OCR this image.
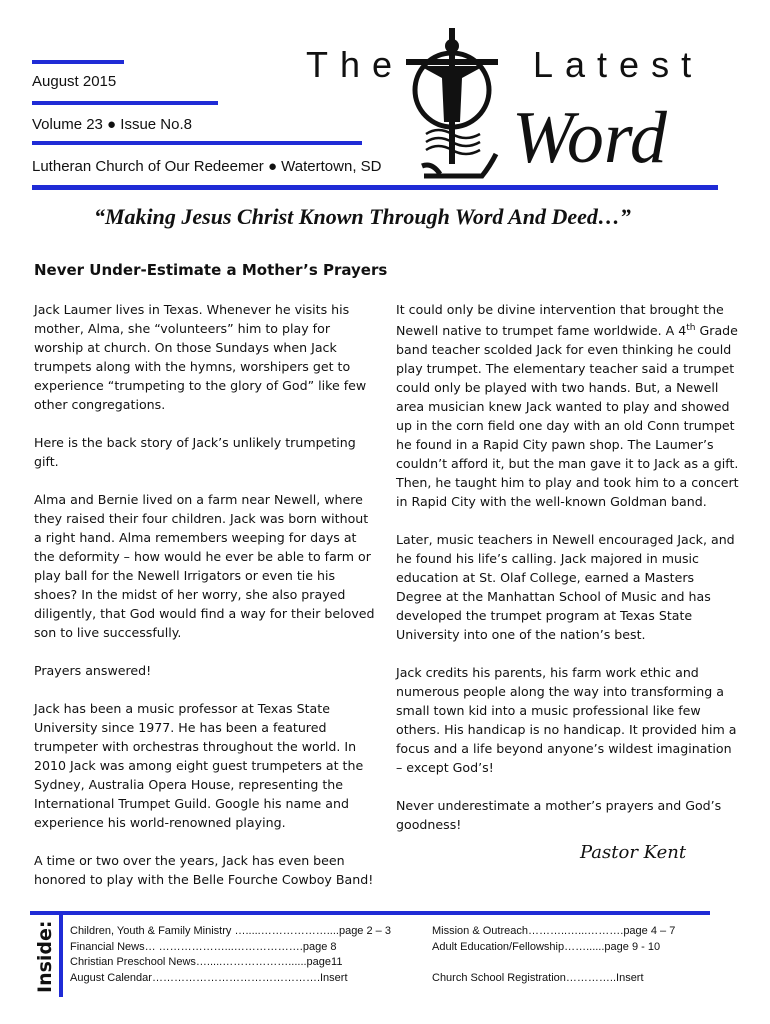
August 2015
Volume 23 ● Issue No.8
Lutheran Church of Our Redeemer ● Watertown, SD
The	Latest
Word
“Making Jesus Christ Known Through Word And Deed…”
Never Under-Estimate a Mother’s Prayers

Jack Laumer lives in Texas. Whenever he visits his mother, Alma, she “volunteers” him to play for worship at church. On those Sundays when Jack trumpets along with the hymns, worshipers get to experience “trumpeting to the glory of God” like few other congregations.

Here is the back story of Jack’s unlikely trumpeting gift.

Alma and Bernie lived on a farm near Newell, where they raised their four children. Jack was born without a right hand. Alma remembers weeping for days at the deformity – how would he ever be able to farm or play ball for the Newell Irrigators or even tie his shoes? In the midst of her worry, she also prayed diligently, that God would find a way for their beloved son to live successfully.

Prayers answered!

Jack has been a music professor at Texas State University since 1977. He has been a featured trumpeter with orchestras throughout the world. In 2010 Jack was among eight guest trumpeters at the Sydney, Australia Opera House, representing the International Trumpet Guild. Google his name and experience his world-renowned playing.

A time or two over the years, Jack has even been honored to play with the Belle Fourche Cowboy Band!

It could only be divine intervention that brought the Newell native to trumpet fame worldwide. A 4th Grade band teacher scolded Jack for even thinking he could play trumpet. The elementary teacher said a trumpet could only be played with two hands. But, a Newell area musician knew Jack wanted to play and showed up in the corn field one day with an old Conn trumpet he found in a Rapid City pawn shop. The Laumer’s couldn’t afford it, but the man gave it to Jack as a gift. Then, he taught him to play and took him to a concert in Rapid City with the well-known Goldman band.

Later, music teachers in Newell encouraged Jack, and he found his life’s calling. Jack majored in music education at St. Olaf College, earned a Masters Degree at the Manhattan School of Music and has developed the trumpet program at Texas State University into one of the nation’s best.

Jack credits his parents, his farm work ethic and numerous people along the way into transforming a small town kid into a music professional like few others. His handicap is no handicap. It provided him a focus and a life beyond anyone’s wildest imagination – except God’s!

Never underestimate a mother’s prayers and God’s goodness!

Pastor Kent
Inside: Children, Youth & Family Ministry ….....………………....page 2 – 3
Financial News… ………………...……………….page 8
Christian Preschool News….....………………......page11
August Calendar……………………………………….Insert
Mission & Outreach………..…...……….page 4 – 7
Adult Education/Fellowship……......page 9 - 10
Church School Registration…………..Insert
